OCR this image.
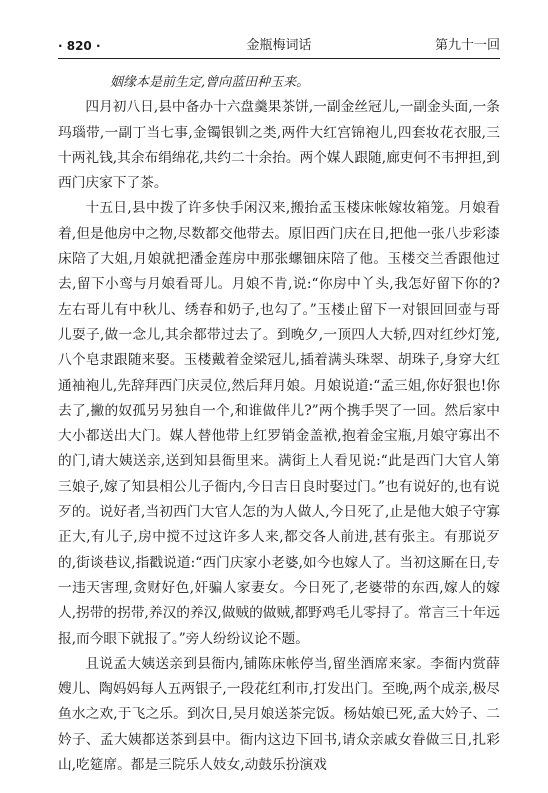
· 820 ·	金瓶梅词话	第九十一回
姻缘本是前生定,曾向蓝田种玉来。

四月初八日,县中备办十六盘羹果茶饼,一副金丝冠儿,一副金头面,一条玛瑙带,一副丁当七事,金镯银钏之类,两件大红宫锦袍儿,四套妆花衣服,三十两礼钱,其余布绢绵花,共约二十余抬。两个媒人跟随,廊吏何不韦押担,到西门庆家下了茶。

十五日,县中拨了许多快手闲汉来,搬抬孟玉楼床帐嫁妆箱笼。月娘看着,但是他房中之物,尽数都交他带去。原旧西门庆在日,把他一张八步彩漆床陪了大姐,月娘就把潘金莲房中那张螺钿床陪了他。玉楼交兰香跟他过去,留下小鸾与月娘看哥儿。月娘不肯,说:“你房中丫头,我怎好留下你的?左右哥儿有中秋儿、绣春和奶子,也勾了。”玉楼止留下一对银回回壶与哥儿耍子,做一念儿,其余都带过去了。到晚夕,一顶四人大轿,四对红纱灯笼,八个皂隶跟随来娶。玉楼戴着金梁冠儿,插着满头珠翠、胡珠子,身穿大红通袖袍儿,先辞拜西门庆灵位,然后拜月娘。月娘说道:“孟三姐,你好狠也!你去了,撇的奴孤另另独自一个,和谁做伴儿?”两个携手哭了一回。然后家中大小都送出大门。媒人替他带上红罗销金盖袱,抱着金宝瓶,月娘守寡出不的门,请大姨送亲,送到知县衙里来。满街上人看见说:“此是西门大官人第三娘子,嫁了知县相公儿子衙内,今日吉日良时娶过门。”也有说好的,也有说歹的。说好者,当初西门大官人怎的为人做人,今日死了,止是他大娘子守寡正大,有儿子,房中搅不过这许多人来,都交各人前进,甚有张主。有那说歹的,街谈巷议,指戳说道:“西门庆家小老婆,如今也嫁人了。当初这厮在日,专一违天害理,贪财好色,奸骗人家妻女。今日死了,老婆带的东西,嫁人的嫁人,拐带的拐带,养汉的养汉,做贼的做贼,都野鸡毛儿零挦了。常言三十年远报,而今眼下就报了。”旁人纷纷议论不题。

且说孟大姨送亲到县衙内,铺陈床帐停当,留坐酒席来家。李衙内赏薛嫂儿、陶妈妈每人五两银子,一段花红利市,打发出门。至晚,两个成亲,极尽鱼水之欢,于飞之乐。到次日,吴月娘送茶完饭。杨姑娘已死,孟大妗子、二妗子、孟大姨都送茶到县中。衙内这边下回书,请众亲戚女眷做三日,扎彩山,吃筵席。都是三院乐人妓女,动鼓乐扮演戏
